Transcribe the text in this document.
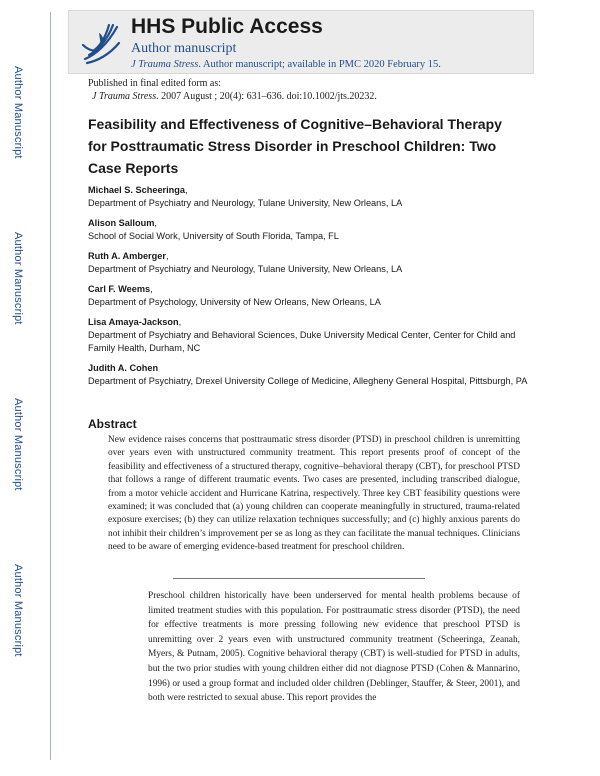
Author Manuscript
Author Manuscript
Author Manuscript
Author Manuscript
HHS Public Access
Author manuscript
J Trauma Stress. Author manuscript; available in PMC 2020 February 15.
Published in final edited form as:
J Trauma Stress. 2007 August ; 20(4): 631–636. doi:10.1002/jts.20232.
Feasibility and Effectiveness of Cognitive–Behavioral Therapy for Posttraumatic Stress Disorder in Preschool Children: Two Case Reports
Michael S. Scheeringa,
Department of Psychiatry and Neurology, Tulane University, New Orleans, LA
Alison Salloum,
School of Social Work, University of South Florida, Tampa, FL
Ruth A. Amberger,
Department of Psychiatry and Neurology, Tulane University, New Orleans, LA
Carl F. Weems,
Department of Psychology, University of New Orleans, New Orleans, LA
Lisa Amaya-Jackson,
Department of Psychiatry and Behavioral Sciences, Duke University Medical Center, Center for Child and Family Health, Durham, NC
Judith A. Cohen
Department of Psychiatry, Drexel University College of Medicine, Allegheny General Hospital, Pittsburgh, PA
Abstract
New evidence raises concerns that posttraumatic stress disorder (PTSD) in preschool children is unremitting over years even with unstructured community treatment. This report presents proof of concept of the feasibility and effectiveness of a structured therapy, cognitive–behavioral therapy (CBT), for preschool PTSD that follows a range of different traumatic events. Two cases are presented, including transcribed dialogue, from a motor vehicle accident and Hurricane Katrina, respectively. Three key CBT feasibility questions were examined; it was concluded that (a) young children can cooperate meaningfully in structured, trauma-related exposure exercises; (b) they can utilize relaxation techniques successfully; and (c) highly anxious parents do not inhibit their children’s improvement per se as long as they can facilitate the manual techniques. Clinicians need to be aware of emerging evidence-based treatment for preschool children.
Preschool children historically have been underserved for mental health problems because of limited treatment studies with this population. For posttraumatic stress disorder (PTSD), the need for effective treatments is more pressing following new evidence that preschool PTSD is unremitting over 2 years even with unstructured community treatment (Scheeringa, Zeanah, Myers, & Putnam, 2005). Cognitive behavioral therapy (CBT) is well-studied for PTSD in adults, but the two prior studies with young children either did not diagnose PTSD (Cohen & Mannarino, 1996) or used a group format and included older children (Deblinger, Stauffer, & Steer, 2001), and both were restricted to sexual abuse. This report provides the
